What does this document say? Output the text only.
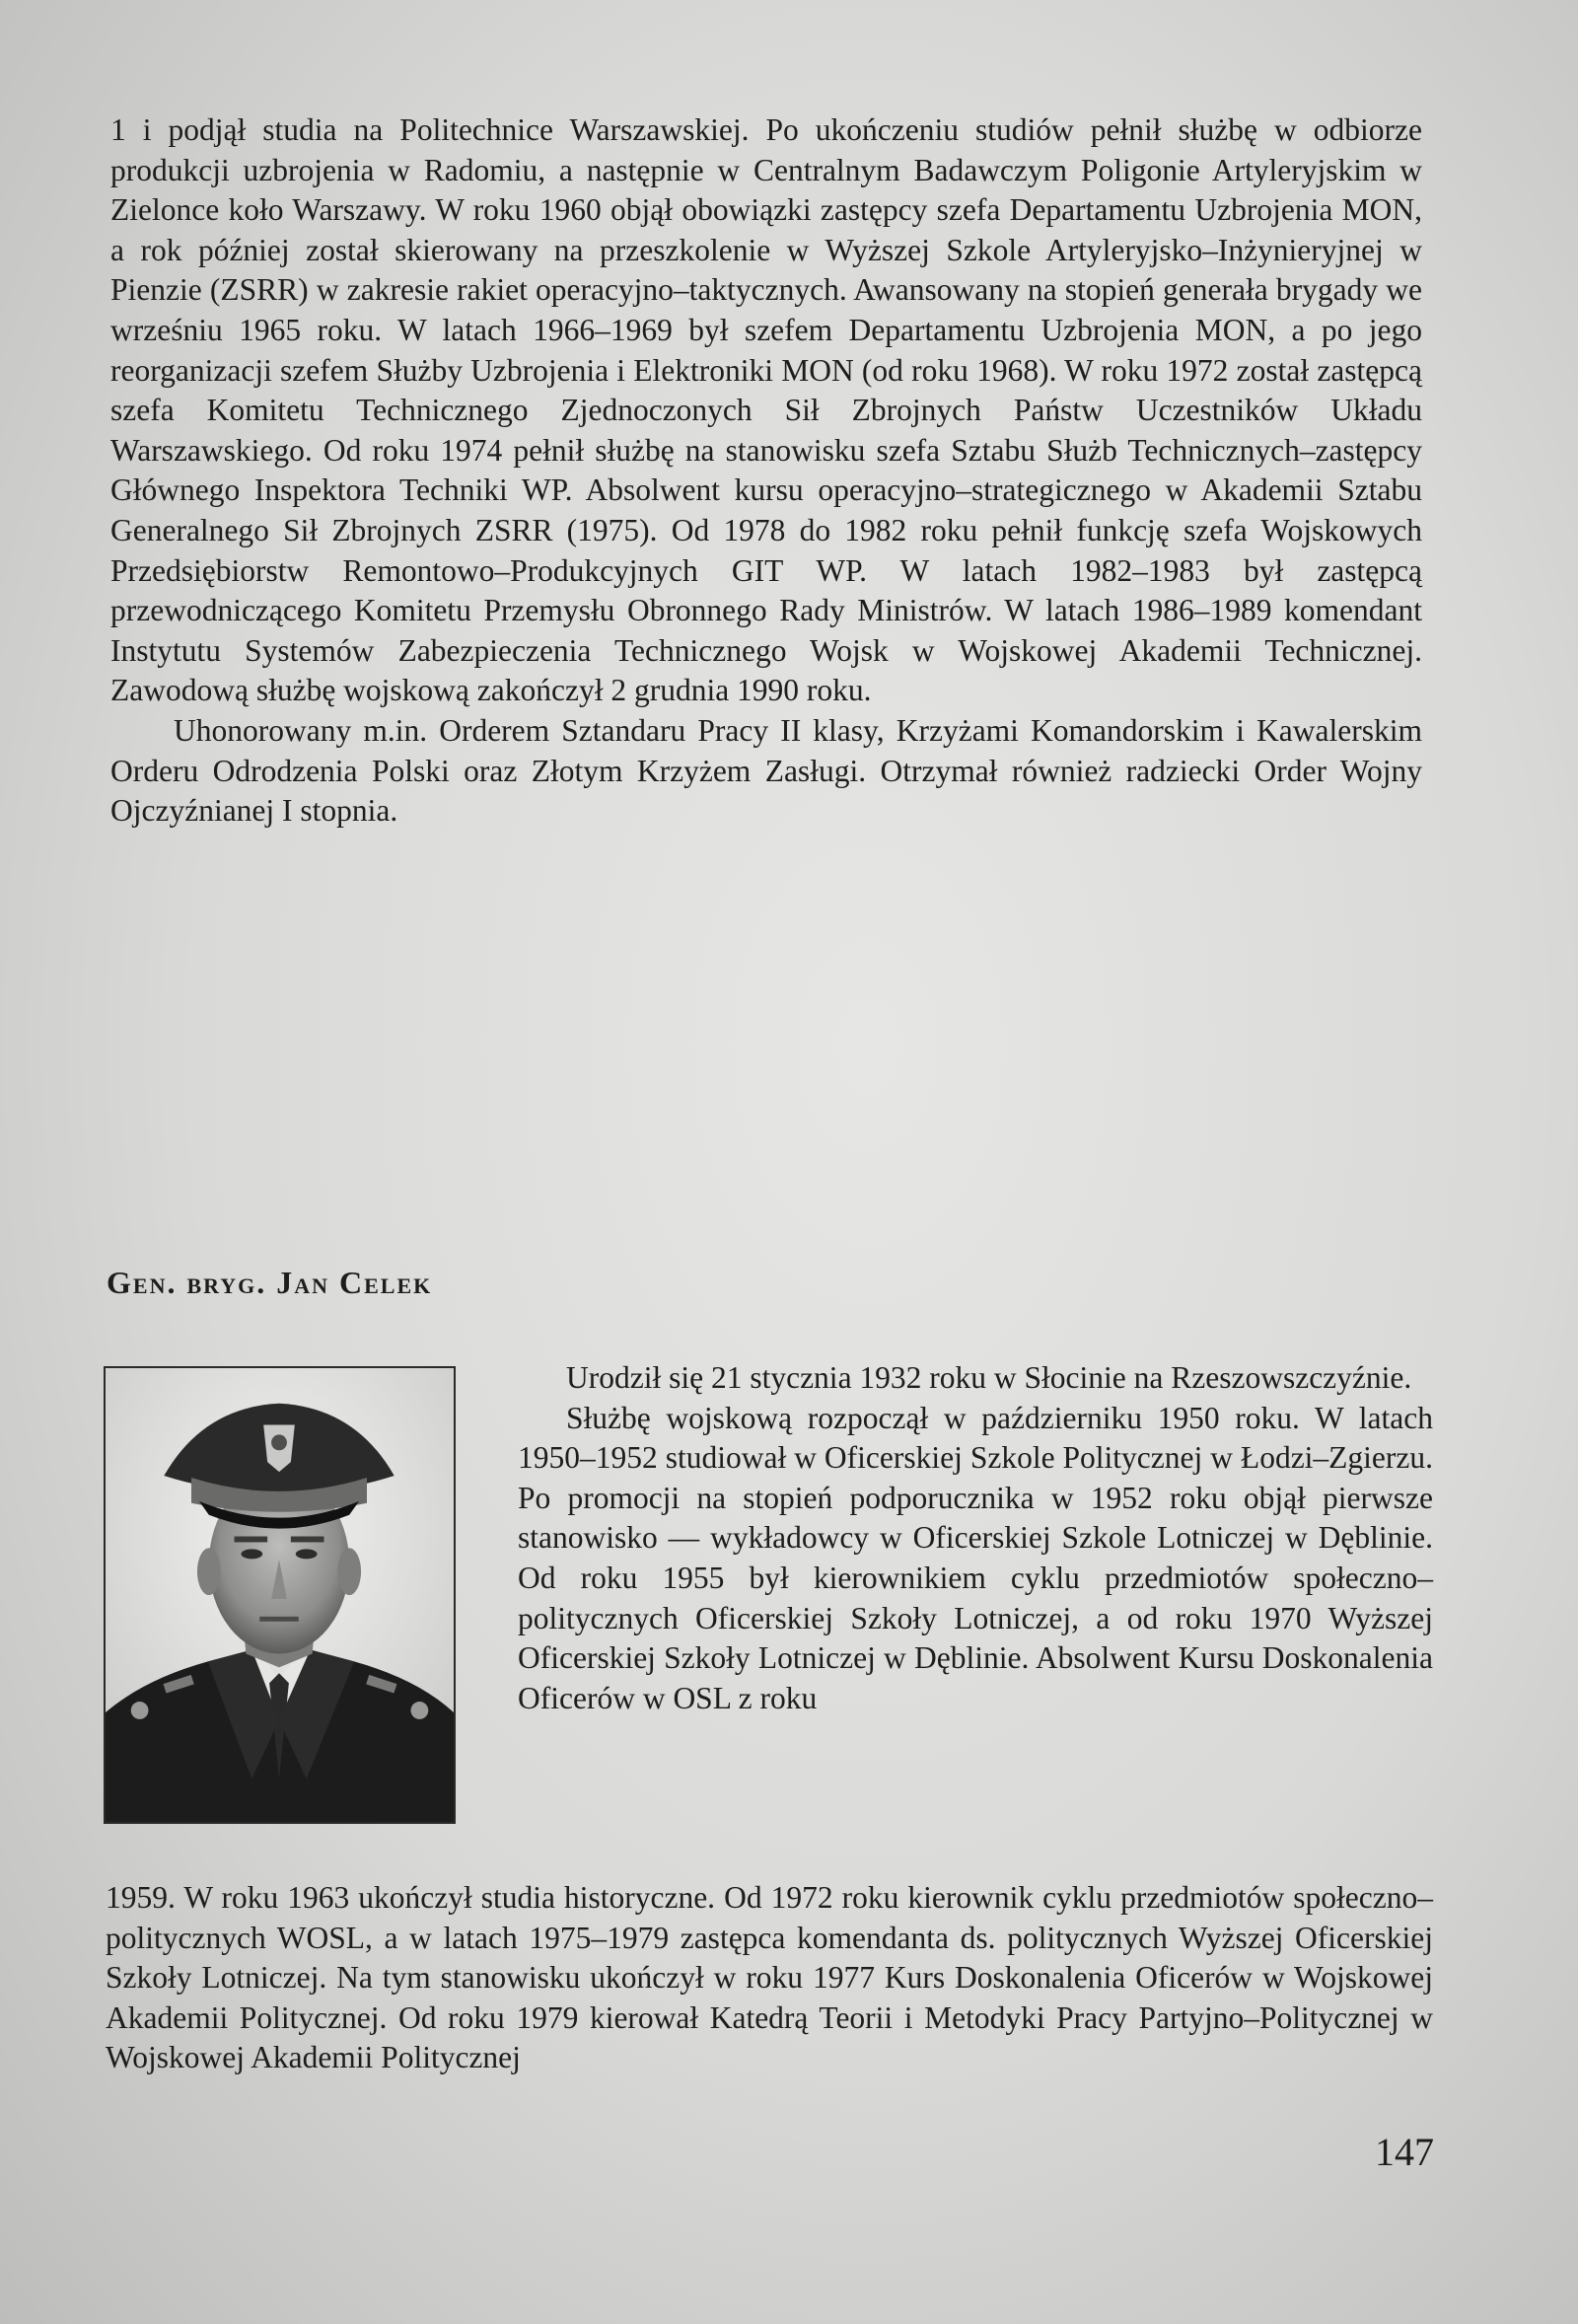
1 i podjął studia na Politechnice Warszawskiej. Po ukończeniu studiów pełnił służbę w odbiorze produkcji uzbrojenia w Radomiu, a następnie w Centralnym Badawczym Poligonie Artyleryjskim w Zielonce koło Warszawy. W roku 1960 objął obowiązki zastępcy szefa Departamentu Uzbrojenia MON, a rok później został skierowany na przeszkolenie w Wyższej Szkole Artyleryjsko–Inżynieryjnej w Pienzie (ZSRR) w zakresie rakiet operacyjno–taktycznych. Awansowany na stopień generała brygady we wrześniu 1965 roku. W latach 1966–1969 był szefem Departamentu Uzbrojenia MON, a po jego reorganizacji szefem Służby Uzbrojenia i Elektroniki MON (od roku 1968). W roku 1972 został zastępcą szefa Komitetu Technicznego Zjednoczonych Sił Zbrojnych Państw Uczestników Układu Warszawskiego. Od roku 1974 pełnił służbę na stanowisku szefa Sztabu Służb Technicznych–zastępcy Głównego Inspektora Techniki WP. Absolwent kursu operacyjno–strategicznego w Akademii Sztabu Generalnego Sił Zbrojnych ZSRR (1975). Od 1978 do 1982 roku pełnił funkcję szefa Wojskowych Przedsiębiorstw Remontowo–Produkcyjnych GIT WP. W latach 1982–1983 był zastępcą przewodniczącego Komitetu Przemysłu Obronnego Rady Ministrów. W latach 1986–1989 komendant Instytutu Systemów Zabezpieczenia Technicznego Wojsk w Wojskowej Akademii Technicznej. Zawodową służbę wojskową zakończył 2 grudnia 1990 roku.

Uhonorowany m.in. Orderem Sztandaru Pracy II klasy, Krzyżami Komandorskim i Kawalerskim Orderu Odrodzenia Polski oraz Złotym Krzyżem Zasługi. Otrzymał również radziecki Order Wojny Ojczyźnianej I stopnia.

Gen. bryg. Jan Celek

Urodził się 21 stycznia 1932 roku w Słocinie na Rzeszowszczyźnie.

Służbę wojskową rozpoczął w październiku 1950 roku. W latach 1950–1952 studiował w Oficerskiej Szkole Politycznej w Łodzi–Zgierzu. Po promocji na stopień podporucznika w 1952 roku objął pierwsze stanowisko — wykładowcy w Oficerskiej Szkole Lotniczej w Dęblinie. Od roku 1955 był kierownikiem cyklu przedmiotów społeczno–politycznych Oficerskiej Szkoły Lotniczej, a od roku 1970 Wyższej Oficerskiej Szkoły Lotniczej w Dęblinie. Absolwent Kursu Doskonalenia Oficerów w OSL z roku

1959. W roku 1963 ukończył studia historyczne. Od 1972 roku kierownik cyklu przedmiotów społeczno–politycznych WOSL, a w latach 1975–1979 zastępca komendanta ds. politycznych Wyższej Oficerskiej Szkoły Lotniczej. Na tym stanowisku ukończył w roku 1977 Kurs Doskonalenia Oficerów w Wojskowej Akademii Politycznej. Od roku 1979 kierował Katedrą Teorii i Metodyki Pracy Partyjno–Politycznej w Wojskowej Akademii Politycznej

147
